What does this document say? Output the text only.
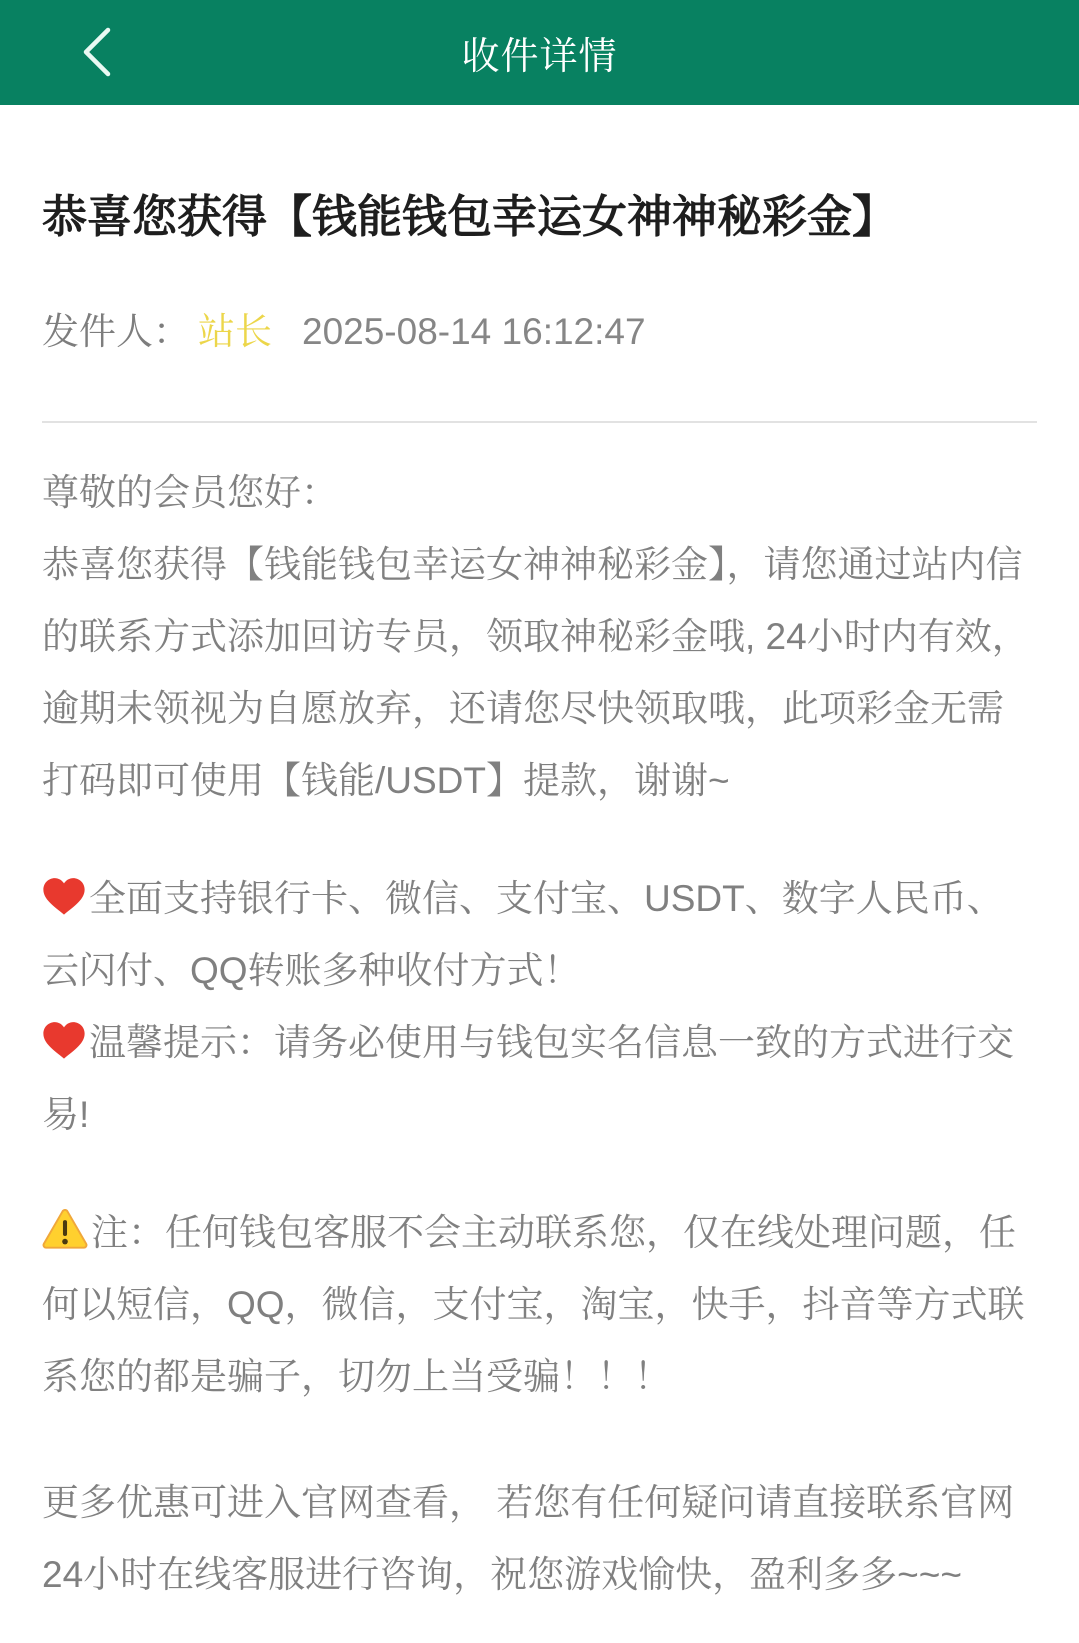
收件详情
恭喜您获得【钱能钱包幸运女神神秘彩金】
发件人： 站长 2025-08-14 16:12:47

尊敬的会员您好：
恭喜您获得【钱能钱包幸运女神神秘彩金】，请您通过站内信的联系方式添加回访专员，领取神秘彩金哦, 24小时内有效，逾期未领视为自愿放弃，还请您尽快领取哦，此项彩金无需打码即可使用【钱能/USDT】提款，谢谢~

全面支持银行卡、微信、支付宝、USDT、数字人民币、云闪付、QQ转账多种收付方式！
温馨提示：请务必使用与钱包实名信息一致的方式进行交易!

注：任何钱包客服不会主动联系您，仅在线处理问题，任何以短信，QQ，微信，支付宝，淘宝，快手，抖音等方式联系您的都是骗子，切勿上当受骗！！！

更多优惠可进入官网查看， 若您有任何疑问请直接联系官网24小时在线客服进行咨询，祝您游戏愉快，盈利多多~~~
